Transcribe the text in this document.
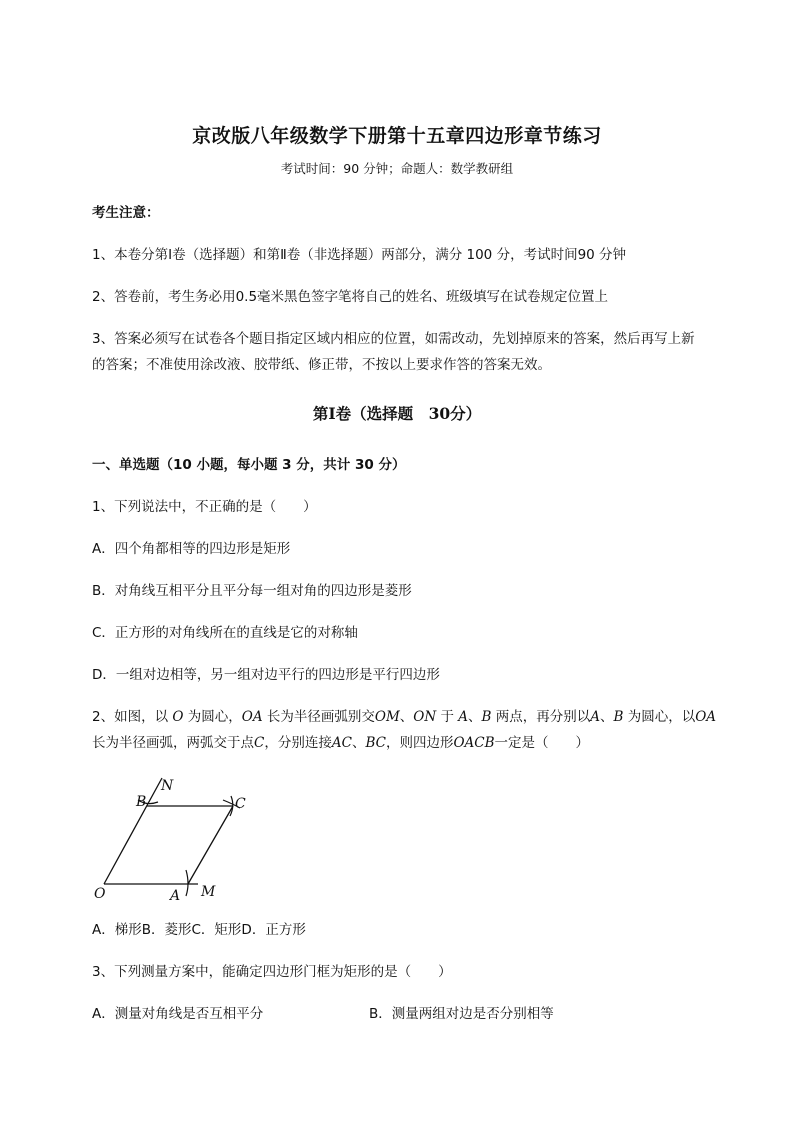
京改版八年级数学下册第十五章四边形章节练习
考试时间：90 分钟；命题人：数学教研组
考生注意：
1、本卷分第Ⅰ卷（选择题）和第Ⅱ卷（非选择题）两部分，满分 100 分，考试时间90 分钟
2、答卷前，考生务必用0.5毫米黑色签字笔将自己的姓名、班级填写在试卷规定位置上
3、答案必须写在试卷各个题目指定区域内相应的位置，如需改动，先划掉原来的答案，然后再写上新
的答案；不准使用涂改液、胶带纸、修正带，不按以上要求作答的答案无效。
第Ⅰ卷（选择题　30分）
一、单选题（10 小题，每小题 3 分，共计 30 分）
1、下列说法中，不正确的是（　　）
A．四个角都相等的四边形是矩形
B．对角线互相平分且平分每一组对角的四边形是菱形
C．正方形的对角线所在的直线是它的对称轴
D．一组对边相等，另一组对边平行的四边形是平行四边形
2、如图，以 O 为圆心，OA 长为半径画弧别交OM、ON 于 A、B 两点，再分别以A、B 为圆心，以OA
长为半径画弧，两弧交于点C，分别连接AC、BC，则四边形OACB一定是（　　）
N
B	C
O	A M
A．梯形B．菱形C．矩形D．正方形
3、下列测量方案中，能确定四边形门框为矩形的是（　　）
A．测量对角线是否互相平分	B．测量两组对边是否分别相等
